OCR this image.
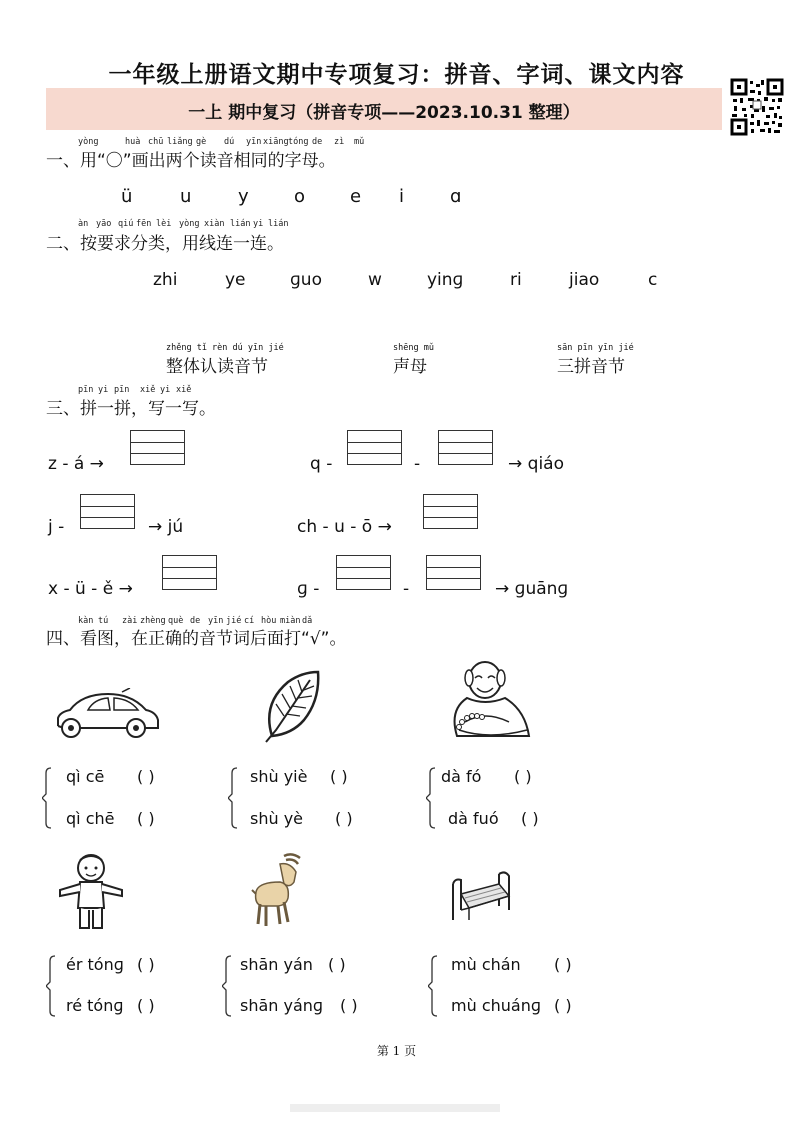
一年级上册语文期中专项复习：拼音、字词、课文内容
一上 期中复习（拼音专项——2023.10.31 整理）
yòng	huà chū liǎng gè dú yīn xiāng tóng de zì mǔ
一、用“〇”画出两个读音相同的字母。
ü	u	y	o e i	ɑ
àn yāo qiú fēn lèi yòng xiàn lián yi lián
二、按要求分类，用线连一连。
zhi	ye	ɡuo	w	yinɡ	ri	jiao	c
zhěng tǐ rèn dú yīn jié
整体认读音节
shēng mǔ
声母
sān pīn yīn jié
三拼音节
pīn yi pīn xiě yi xiě
三、拼一拼，写一写。
z - á →	q -	-	→ qiáo
j -	→ jú	ch - u - ō →
x - ü - ě →	ɡ -	-	→ ɡuānɡ
kàn tú zài zhèng què de yīn jié cí hòu miàn dǎ
四、看图，在正确的音节词后面打“√”。
qì cē ( )
qì chē ( )
shù yiè ( )
shù yè ( )
dà fó ( )
dà fuó ( )
ér tónɡ ( )
ré tónɡ ( )
shān yán ( )
shān yánɡ ( )
mù chán ( )
mù chuánɡ ( )
第 1 页
